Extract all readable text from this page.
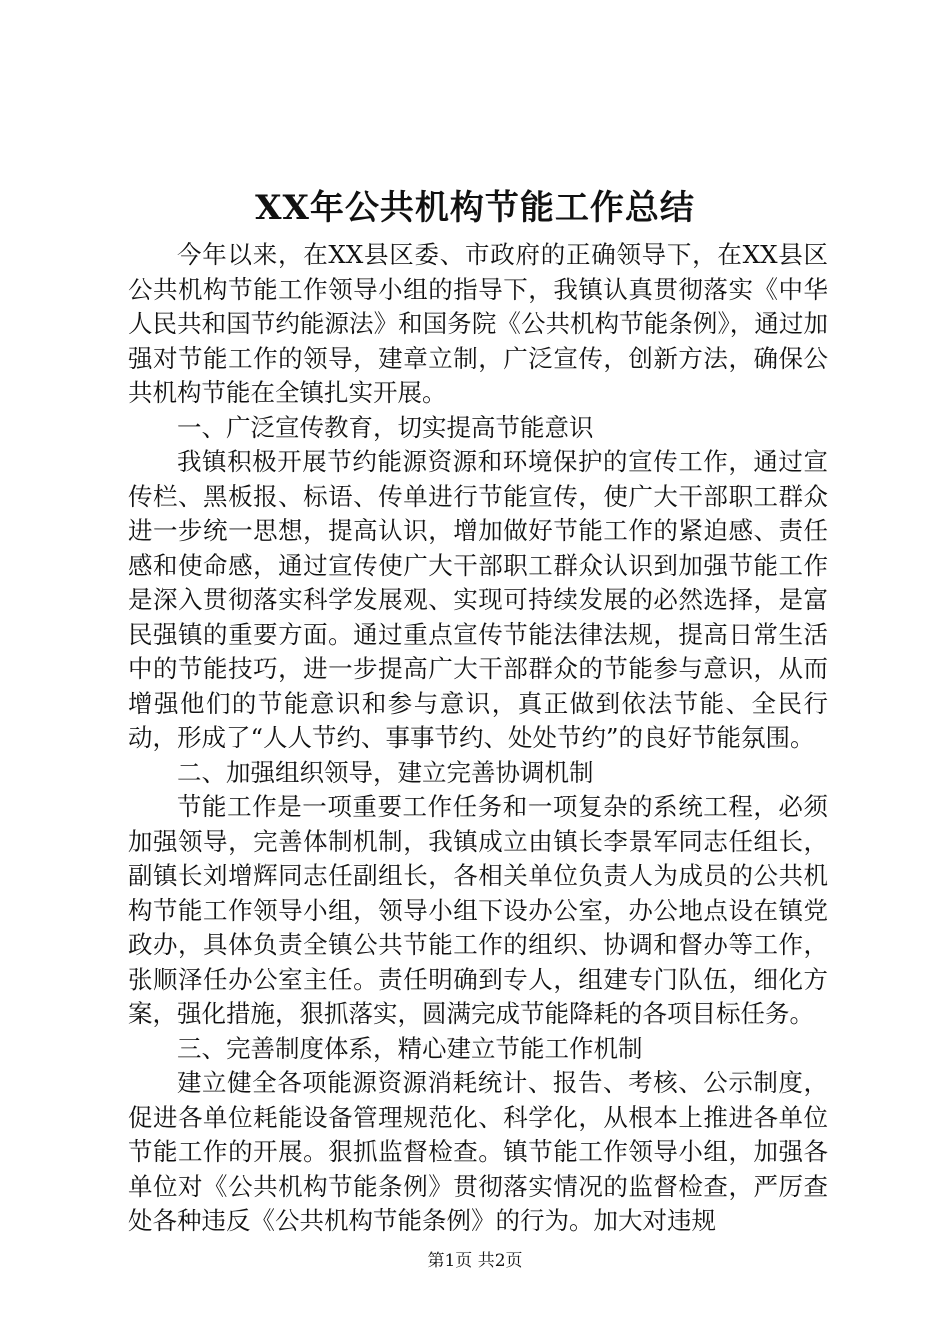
XX年公共机构节能工作总结

今年以来，在XX县区委、市政府的正确领导下，在XX县区公共机构节能工作领导小组的指导下，我镇认真贯彻落实《中华人民共和国节约能源法》和国务院《公共机构节能条例》，通过加强对节能工作的领导，建章立制，广泛宣传，创新方法，确保公共机构节能在全镇扎实开展。

一、广泛宣传教育，切实提高节能意识

我镇积极开展节约能源资源和环境保护的宣传工作，通过宣传栏、黑板报、标语、传单进行节能宣传，使广大干部职工群众进一步统一思想，提高认识，增加做好节能工作的紧迫感、责任感和使命感，通过宣传使广大干部职工群众认识到加强节能工作是深入贯彻落实科学发展观、实现可持续发展的必然选择，是富民强镇的重要方面。通过重点宣传节能法律法规，提高日常生活中的节能技巧，进一步提高广大干部群众的节能参与意识，从而增强他们的节能意识和参与意识，真正做到依法节能、全民行动，形成了“人人节约、事事节约、处处节约”的良好节能氛围。

二、加强组织领导，建立完善协调机制

节能工作是一项重要工作任务和一项复杂的系统工程，必须加强领导，完善体制机制，我镇成立由镇长李景军同志任组长，副镇长刘增辉同志任副组长，各相关单位负责人为成员的公共机构节能工作领导小组，领导小组下设办公室，办公地点设在镇党政办，具体负责全镇公共节能工作的组织、协调和督办等工作，张顺泽任办公室主任。责任明确到专人，组建专门队伍，细化方案，强化措施，狠抓落实，圆满完成节能降耗的各项目标任务。

三、完善制度体系，精心建立节能工作机制

建立健全各项能源资源消耗统计、报告、考核、公示制度，促进各单位耗能设备管理规范化、科学化，从根本上推进各单位节能工作的开展。狠抓监督检查。镇节能工作领导小组，加强各单位对《公共机构节能条例》贯彻落实情况的监督检查，严厉查处各种违反《公共机构节能条例》的行为。加大对违规

第1页 共2页
